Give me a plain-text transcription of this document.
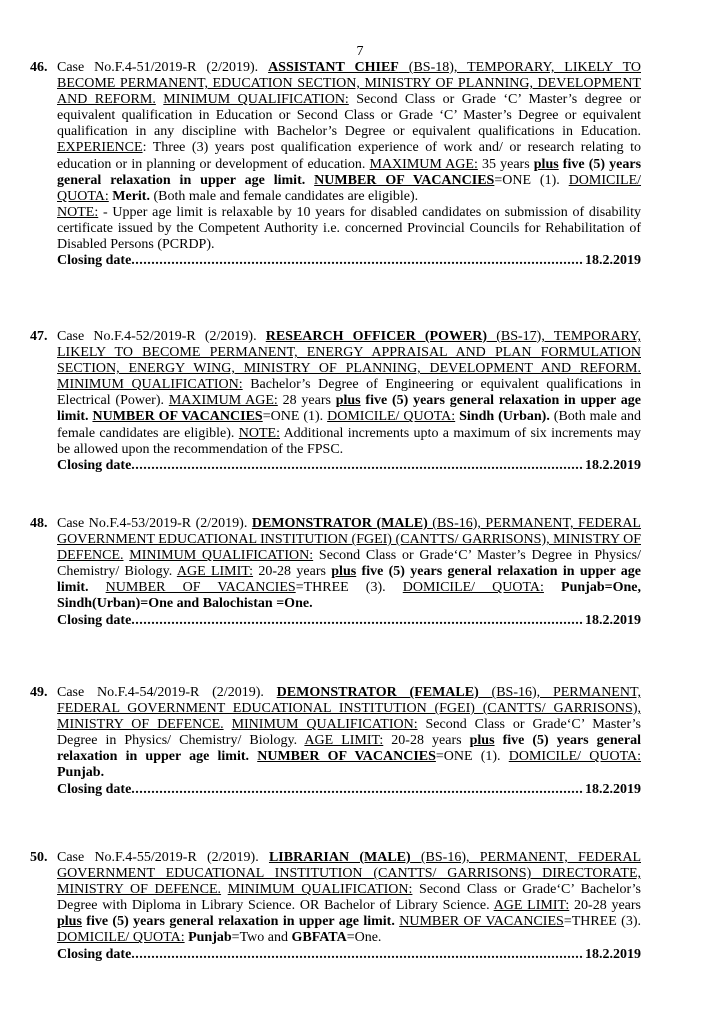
7
46. Case No.F.4-51/2019-R (2/2019). ASSISTANT CHIEF (BS-18), TEMPORARY, LIKELY TO BECOME PERMANENT, EDUCATION SECTION, MINISTRY OF PLANNING, DEVELOPMENT AND REFORM. MINIMUM QUALIFICATION: Second Class or Grade ‘C’ Master’s degree or equivalent qualification in Education or Second Class or Grade ‘C’ Master’s Degree or equivalent qualification in any discipline with Bachelor’s Degree or equivalent qualifications in Education. EXPERIENCE: Three (3) years post qualification experience of work and/ or research relating to education or in planning or development of education. MAXIMUM AGE: 35 years plus five (5) years general relaxation in upper age limit. NUMBER OF VACANCIES=ONE (1). DOMICILE/ QUOTA: Merit. (Both male and female candidates are eligible).
NOTE: - Upper age limit is relaxable by 10 years for disabled candidates on submission of disability certificate issued by the Competent Authority i.e. concerned Provincial Councils for Rehabilitation of Disabled Persons (PCRDP).
Closing date .....	18.2.2019
47. Case No.F.4-52/2019-R (2/2019). RESEARCH OFFICER (POWER) (BS-17), TEMPORARY, LIKELY TO BECOME PERMANENT, ENERGY APPRAISAL AND PLAN FORMULATION SECTION, ENERGY WING, MINISTRY OF PLANNING, DEVELOPMENT AND REFORM. MINIMUM QUALIFICATION: Bachelor’s Degree of Engineering or equivalent qualifications in Electrical (Power). MAXIMUM AGE: 28 years plus five (5) years general relaxation in upper age limit. NUMBER OF VACANCIES=ONE (1). DOMICILE/ QUOTA: Sindh (Urban). (Both male and female candidates are eligible). NOTE: Additional increments upto a maximum of six increments may be allowed upon the recommendation of the FPSC.
Closing date .....	18.2.2019
48. Case No.F.4-53/2019-R (2/2019). DEMONSTRATOR (MALE) (BS-16), PERMANENT, FEDERAL GOVERNMENT EDUCATIONAL INSTITUTION (FGEI) (CANTTS/ GARRISONS), MINISTRY OF DEFENCE. MINIMUM QUALIFICATION: Second Class or Grade‘C’ Master’s Degree in Physics/ Chemistry/ Biology. AGE LIMIT: 20-28 years plus five (5) years general relaxation in upper age limit. NUMBER OF VACANCIES=THREE (3). DOMICILE/ QUOTA: Punjab=One, Sindh(Urban)=One and Balochistan =One.
Closing date .....	18.2.2019
49. Case No.F.4-54/2019-R (2/2019). DEMONSTRATOR (FEMALE) (BS-16), PERMANENT, FEDERAL GOVERNMENT EDUCATIONAL INSTITUTION (FGEI) (CANTTS/ GARRISONS), MINISTRY OF DEFENCE. MINIMUM QUALIFICATION: Second Class or Grade‘C’ Master’s Degree in Physics/ Chemistry/ Biology. AGE LIMIT: 20-28 years plus five (5) years general relaxation in upper age limit. NUMBER OF VACANCIES=ONE (1). DOMICILE/ QUOTA: Punjab.
Closing date .....	18.2.2019
50. Case No.F.4-55/2019-R (2/2019). LIBRARIAN (MALE) (BS-16), PERMANENT, FEDERAL GOVERNMENT EDUCATIONAL INSTITUTION (CANTTS/ GARRISONS) DIRECTORATE, MINISTRY OF DEFENCE. MINIMUM QUALIFICATION: Second Class or Grade‘C’ Bachelor’s Degree with Diploma in Library Science. OR Bachelor of Library Science. AGE LIMIT: 20-28 years plus five (5) years general relaxation in upper age limit. NUMBER OF VACANCIES=THREE (3). DOMICILE/ QUOTA: Punjab=Two and GBFATA=One.
Closing date .....	18.2.2019
